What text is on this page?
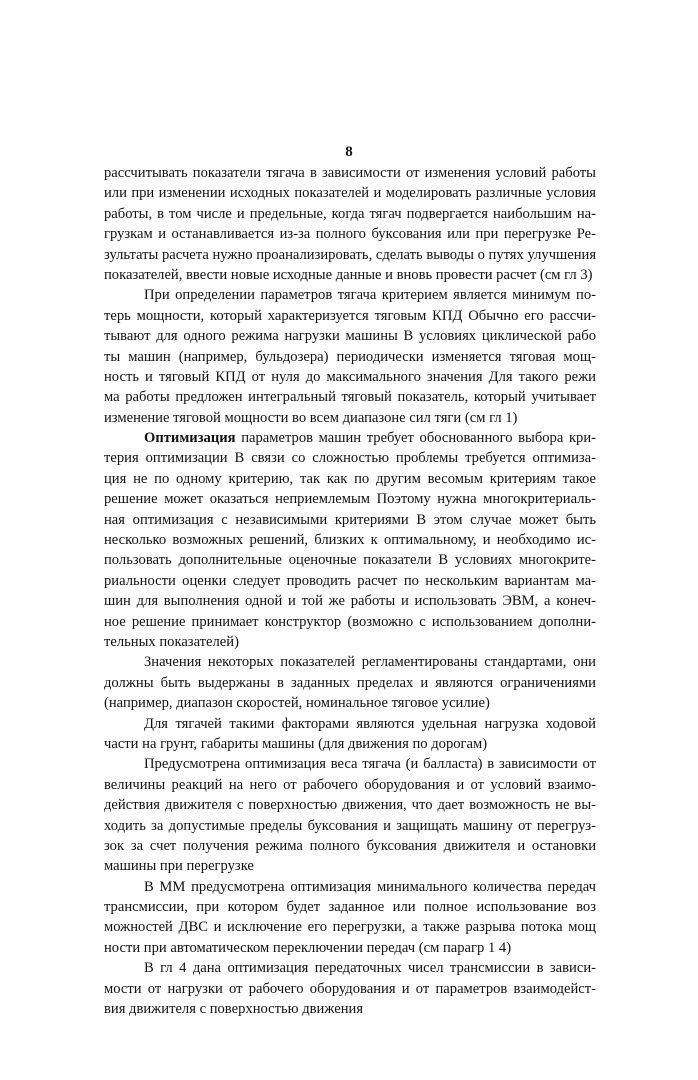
8

рассчитывать показатели тягача в зависимости от изменения условий работы
или при изменении исходных показателей и моделировать различные условия
работы, в том числе и предельные, когда тягач подвергается наибольшим на-
грузкам и останавливается из-за полного буксования или при перегрузке Ре-
зультаты расчета нужно проанализировать, сделать выводы о путях улучшения
показателей, ввести новые исходные данные и вновь провести расчет (см гл 3)

При определении параметров тягача критерием является минимум по-
терь мощности, который характеризуется тяговым КПД Обычно его рассчи-
тывают для одного режима нагрузки машины В условиях циклической рабо
ты машин (например, бульдозера) периодически изменяется тяговая мощ-
ность и тяговый КПД от нуля до максимального значения Для такого режи
ма работы предложен интегральный тяговый показатель, который учитывает
изменение тяговой мощности во всем диапазоне сил тяги (см гл 1)

Оптимизация параметров машин требует обоснованного выбора кри-
терия оптимизации В связи со сложностью проблемы требуется оптимиза-
ция не по одному критерию, так как по другим весомым критериям такое
решение может оказаться неприемлемым Поэтому нужна многокритериаль-
ная оптимизация с независимыми критериями В этом случае может быть
несколько возможных решений, близких к оптимальному, и необходимо ис-
пользовать дополнительные оценочные показатели В условиях многокрите-
риальности оценки следует проводить расчет по нескольким вариантам ма-
шин для выполнения одной и той же работы и использовать ЭВМ, а конеч-
ное решение принимает конструктор (возможно с использованием дополни-
тельных показателей)

Значения некоторых показателей регламентированы стандартами, они
должны быть выдержаны в заданных пределах и являются ограничениями
(например, диапазон скоростей, номинальное тяговое усилие)

Для тягачей такими факторами являются удельная нагрузка ходовой
части на грунт, габариты машины (для движения по дорогам)

Предусмотрена оптимизация веса тягача (и балласта) в зависимости от
величины реакций на него от рабочего оборудования и от условий взаимо-
действия движителя с поверхностью движения, что дает возможность не вы-
ходить за допустимые пределы буксования и защищать машину от перегруз-
зок за счет получения режима полного буксования движителя и остановки
машины при перегрузке

В ММ предусмотрена оптимизация минимального количества передач
трансмиссии, при котором будет заданное или полное использование воз
можностей ДВС и исключение его перегрузки, а также разрыва потока мощ
ности при автоматическом переключении передач (см парагр 1 4)

В гл 4 дана оптимизация передаточных чисел трансмиссии в зависи-
мости от нагрузки от рабочего оборудования и от параметров взаимодейст-
вия движителя с поверхностью движения
